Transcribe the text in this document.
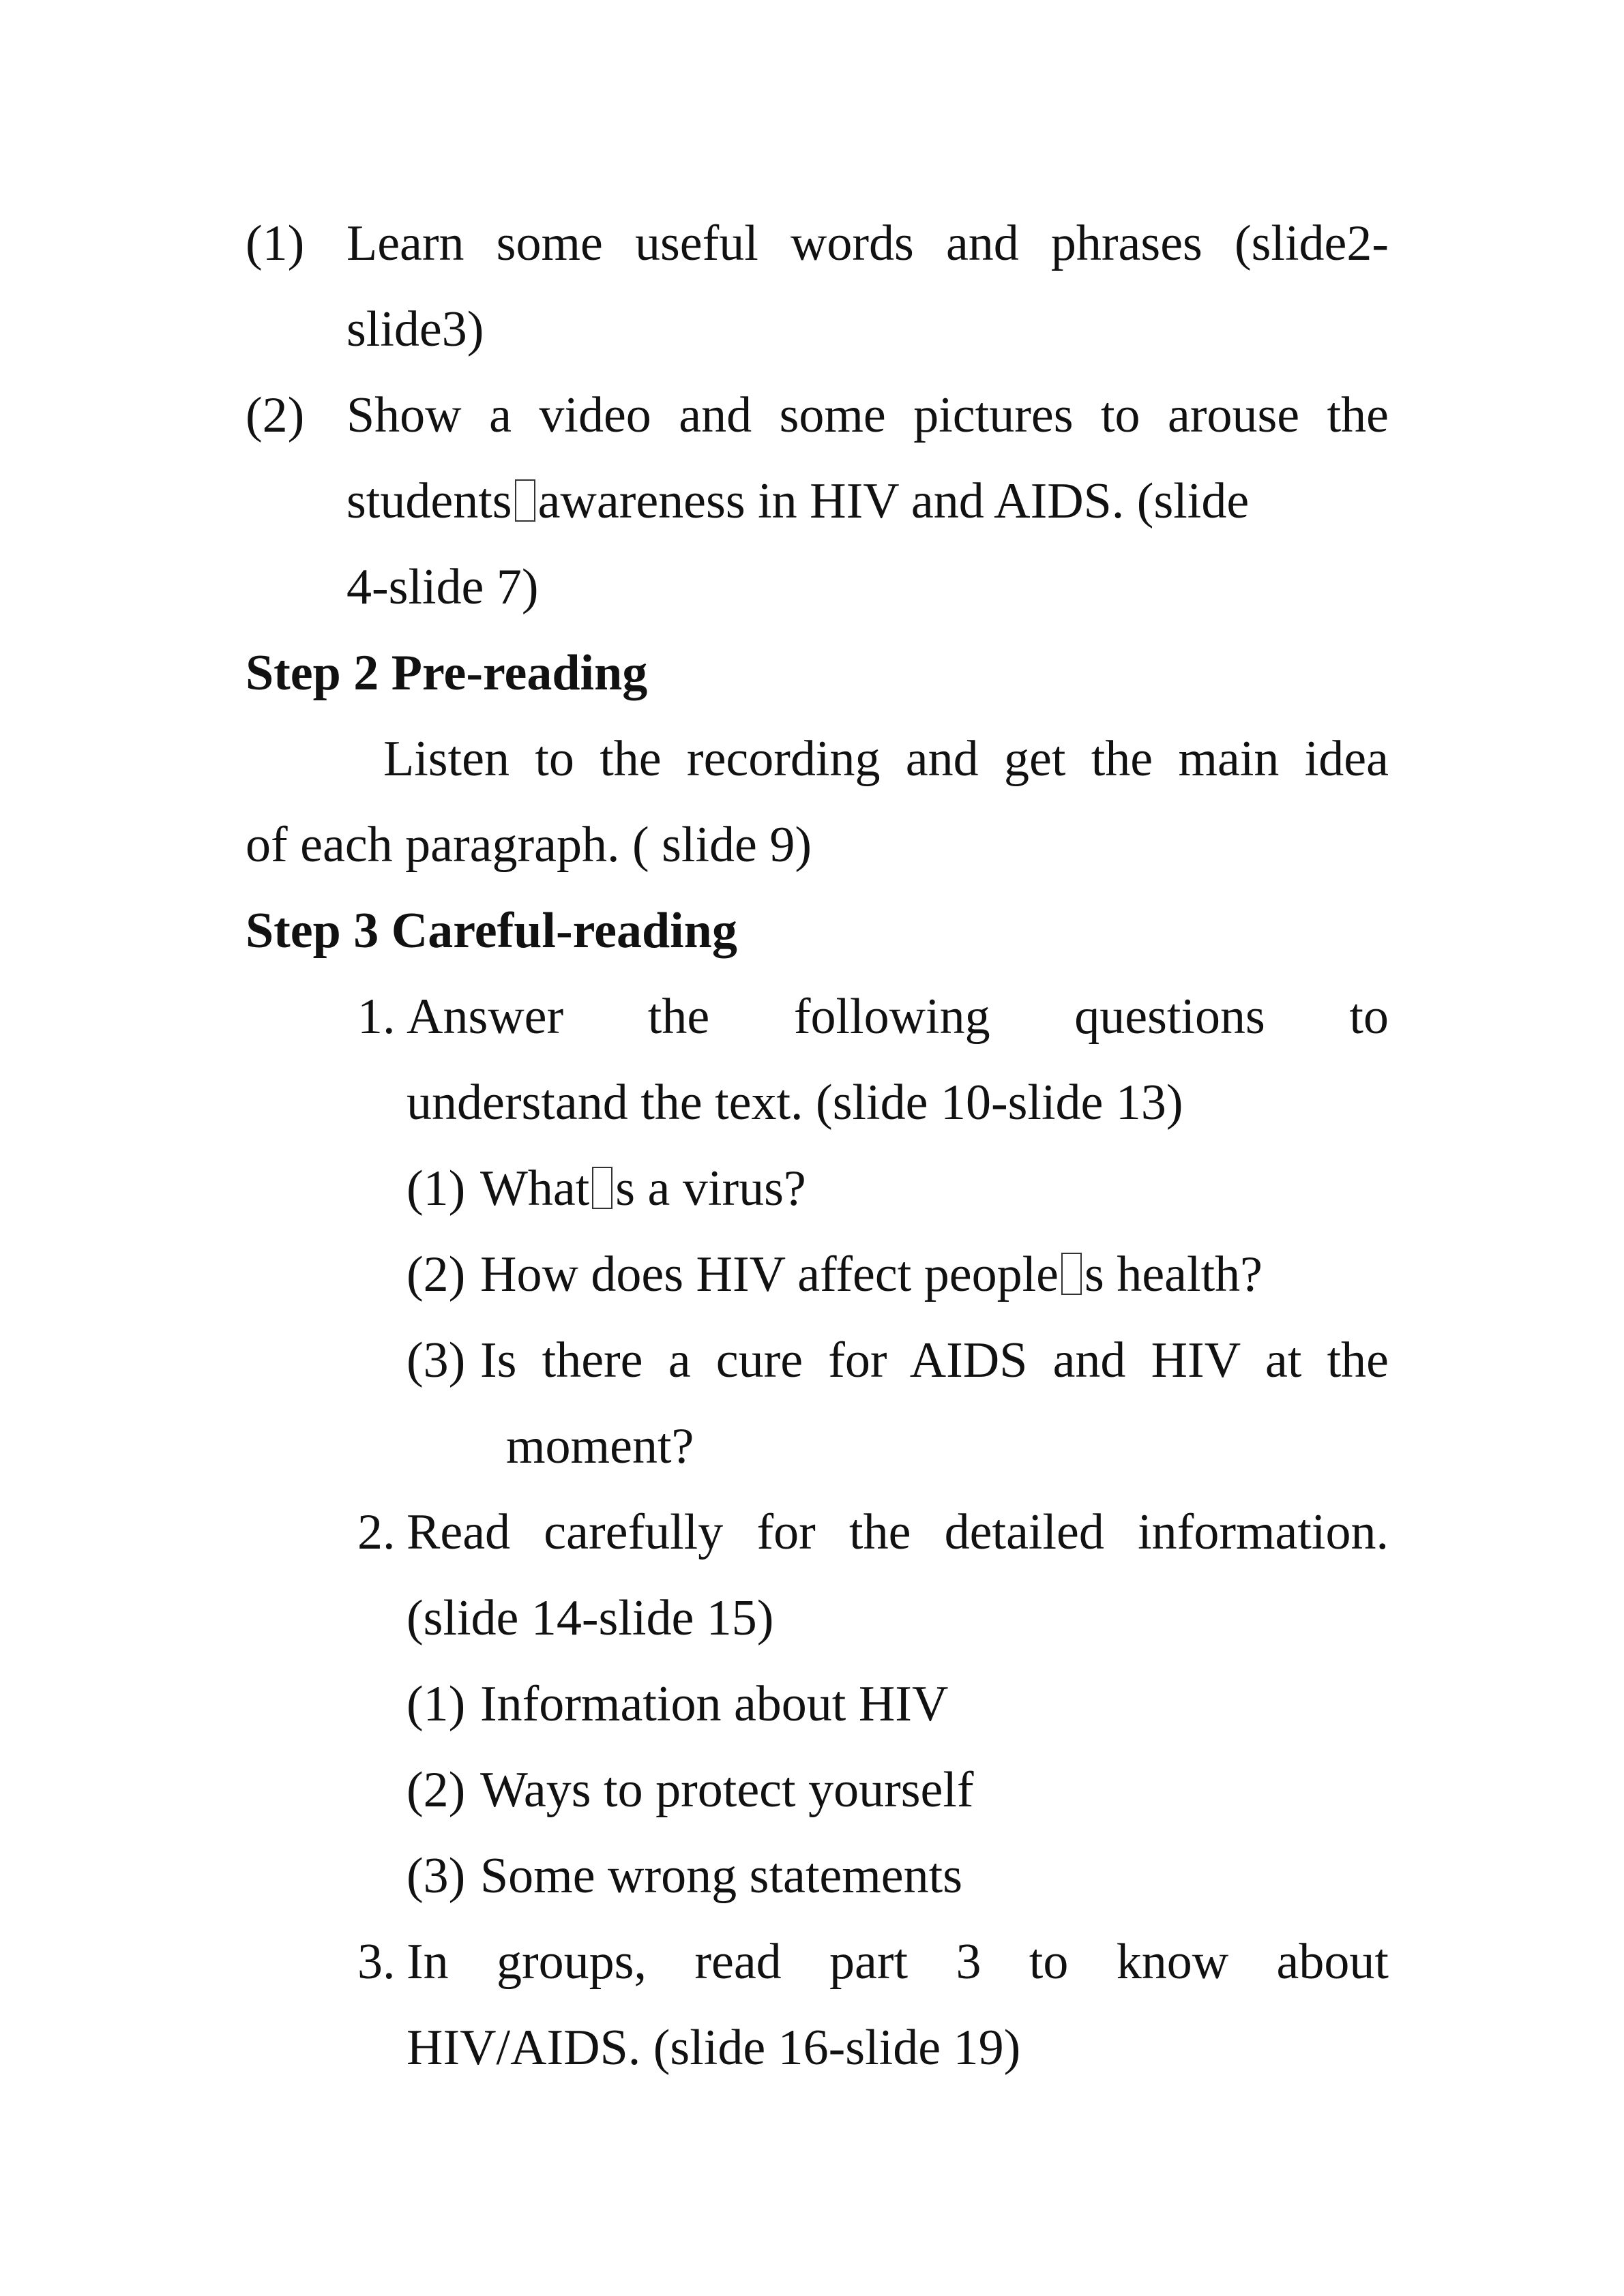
(1) Learn some useful words and phrases (slide2-
slide3)
(2) Show a video and some pictures to arouse the
students awareness in HIV and AIDS. (slide
4-slide 7)
Step 2 Pre-reading
Listen to the recording and get the main idea
of each paragraph. ( slide 9)
Step 3 Careful-reading
1. Answer the following questions to
understand the text. (slide 10-slide 13)
(1) What s a virus?
(2) How does HIV affect people s health?
(3) Is there a cure for AIDS and HIV at the
moment?
2. Read carefully for the detailed information.
(slide 14-slide 15)
(1) Information about HIV
(2) Ways to protect yourself
(3) Some wrong statements
3. In groups, read part 3 to know about
HIV/AIDS. (slide 16-slide 19)
